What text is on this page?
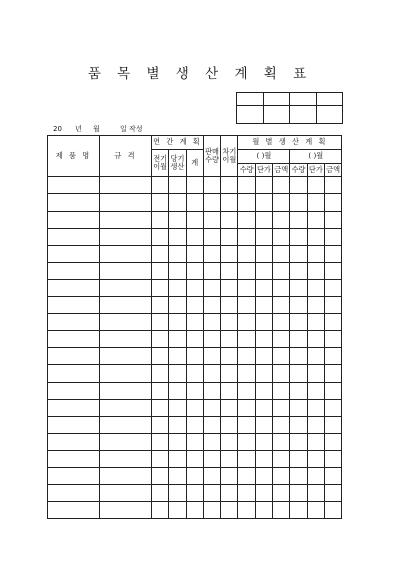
품 목 별 생 산 계 획 표

20 년 월	일 작성
제 품 명	규 격	연 간 계 획			판매 수량	차기 이월	월 별 생 산 계 획					
		전기 이월	당기 생산	계			( )월			( )월		
							수량	단가	금액	수량	단가	금액
